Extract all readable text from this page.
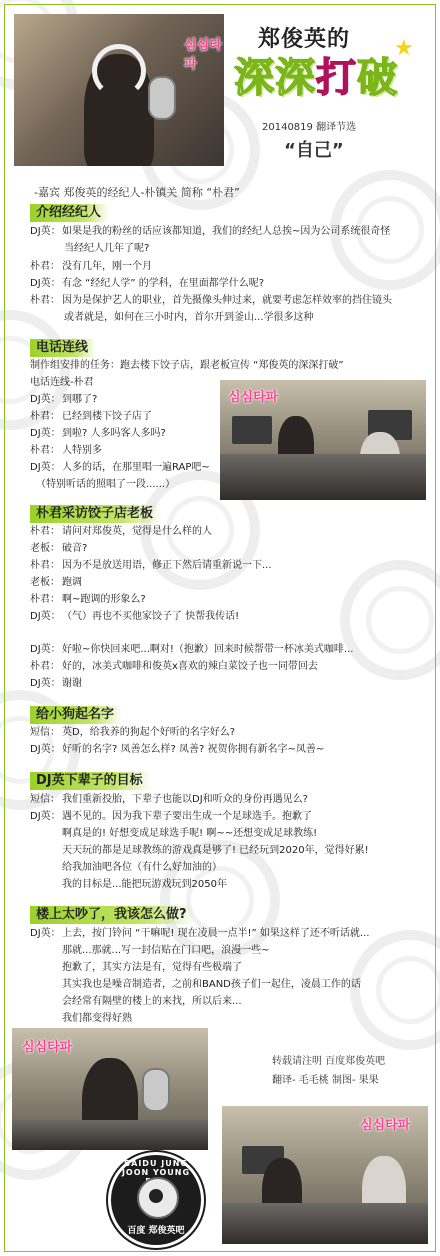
심심타파
郑俊英的
深深打破
★
20140819 翻译节选
“自己”
-嘉宾 郑俊英的经纪人-朴镇关 简称 “朴君”
介绍经纪人
DJ英：如果是我的粉丝的话应该都知道，我们的经纪人总挨~因为公司系统很奇怪
当经纪人几年了呢?
朴君： 没有几年，刚一个月
DJ英：有念 “经纪人学” 的学科，在里面都学什么呢?
朴君： 因为是保护艺人的职业，首先摄像头伸过来，就要考虑怎样效率的挡住镜头
或者就是，如何在三小时内，首尔开到釜山...学很多这种
电话连线
制作组安排的任务：跑去楼下饺子店，跟老板宣传 “郑俊英的深深打破”
电话连线-朴君
DJ英：到哪了?
朴君： 已经到楼下饺子店了
DJ英：到啦? 人多吗客人多吗?
朴君： 人特别多
DJ英：人多的话，在那里唱一遍RAP吧~
（特别听话的照唱了一段......）
심심타파
朴君采访饺子店老板
朴君： 请问对郑俊英，觉得是什么样的人
老板： 破音?
朴君： 因为不是放送用语，修正下然后请重新说一下...
老板： 跑调
朴君： 啊~跑调的形象么?
DJ英：（气）再也不买他家饺子了 快帮我传话!
DJ英：好啦~你快回来吧...啊对!（抱歉）回来时候帮带一杯冰美式咖啡...
朴君： 好的，冰美式咖啡和俊英x喜欢的辣白菜饺子也一同带回去
DJ英：谢谢
给小狗起名字
短信： 英D，给我养的狗起个好听的名字好么?
DJ英：好听的名字? 凤善怎么样? 凤善? 祝贺你拥有新名字~凤善~
DJ英下辈子的目标
短信： 我们重新投胎，下辈子也能以DJ和听众的身份再遇见么?
DJ英：遇不见的。因为我下辈子要出生成一个足球选手。抱歉了
啊真是的! 好想变成足球选手呢! 啊~~还想变成足球教练!
天天玩的都是足球教练的游戏真是够了! 已经玩到2020年，觉得好累!
给我加油吧各位（有什么好加油的）
我的目标是...能把玩游戏玩到2050年
楼上太吵了，我该怎么做?
DJ英：上去，按门铃问 “干嘛呢! 现在凌晨一点半!” 如果这样了还不听话就...
那就...那就...写一封信贴在门口吧，浪漫一些~
抱歉了，其实方法是有，觉得有些极端了
其实我也是噪音制造者，之前和BAND孩子们一起住，凌晨工作的话
会经常有隔壁的楼上的来找，所以后来...
我们都变得好熟
심심타파
转载请注明 百度郑俊英吧
翻译- 毛毛桃 制图- 果果
BAIDU JUNG JOON YOUNG
百度 郑俊英吧
심심타파
